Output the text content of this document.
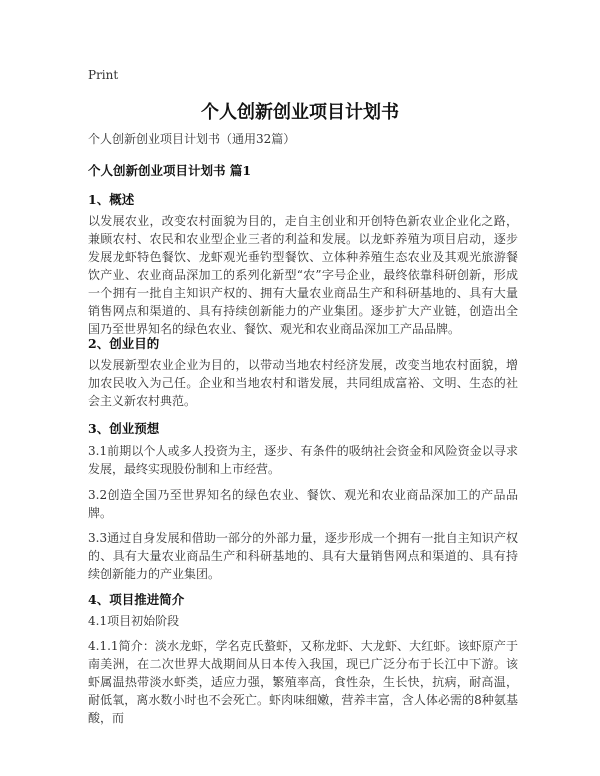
Print
个人创新创业项目计划书

个人创新创业项目计划书（通用32篇）

个人创新创业项目计划书 篇1
1、概述

以发展农业，改变农村面貌为目的，走自主创业和开创特色新农业企业化之路，兼顾农村、农民和农业型企业三者的利益和发展。以龙虾养殖为项目启动，逐步发展龙虾特色餐饮、龙虾观光垂钓型餐饮、立体种养殖生态农业及其观光旅游餐饮产业、农业商品深加工的系列化新型“农”字号企业，最终依靠科研创新，形成一个拥有一批自主知识产权的、拥有大量农业商品生产和科研基地的、具有大量销售网点和渠道的、具有持续创新能力的产业集团。逐步扩大产业链，创造出全国乃至世界知名的绿色农业、餐饮、观光和农业商品深加工产品品牌。

2、创业目的

以发展新型农业企业为目的，以带动当地农村经济发展，改变当地农村面貌，增加农民收入为己任。企业和当地农村和谐发展，共同组成富裕、文明、生态的社会主义新农村典范。

3、创业预想

3.1前期以个人或多人投资为主，逐步、有条件的吸纳社会资金和风险资金以寻求发展，最终实现股份制和上市经营。

3.2创造全国乃至世界知名的绿色农业、餐饮、观光和农业商品深加工的产品品牌。

3.3通过自身发展和借助一部分的外部力量，逐步形成一个拥有一批自主知识产权的、具有大量农业商品生产和科研基地的、具有大量销售网点和渠道的、具有持续创新能力的产业集团。

4、项目推进简介

4.1项目初始阶段

4.1.1简介：淡水龙虾，学名克氏螯虾，又称龙虾、大龙虾、大红虾。该虾原产于南美洲，在二次世界大战期间从日本传入我国，现已广泛分布于长江中下游。该虾属温热带淡水虾类，适应力强，繁殖率高，食性杂，生长快，抗病，耐高温，耐低氧，离水数小时也不会死亡。虾肉味细嫩，营养丰富，含人体必需的8种氨基酸，而
